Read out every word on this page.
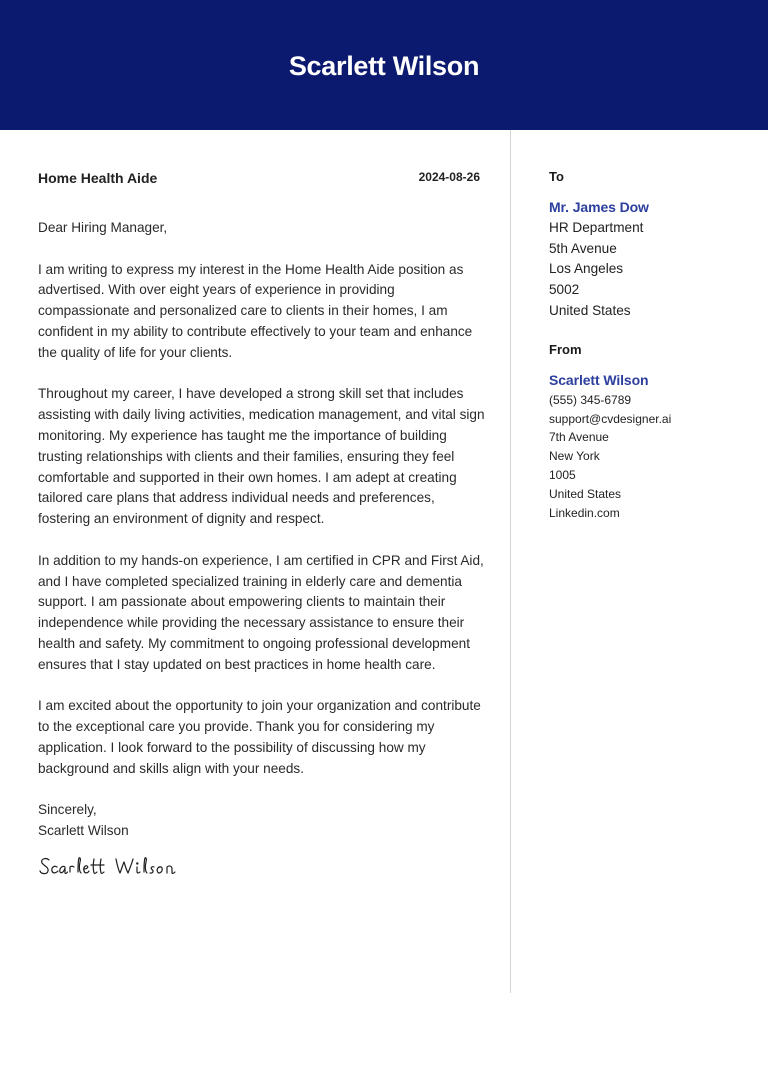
Scarlett Wilson
Home Health Aide	2024-08-26

Dear Hiring Manager,

I am writing to express my interest in the Home Health Aide position as advertised. With over eight years of experience in providing compassionate and personalized care to clients in their homes, I am confident in my ability to contribute effectively to your team and enhance the quality of life for your clients.

Throughout my career, I have developed a strong skill set that includes assisting with daily living activities, medication management, and vital sign monitoring. My experience has taught me the importance of building trusting relationships with clients and their families, ensuring they feel comfortable and supported in their own homes. I am adept at creating tailored care plans that address individual needs and preferences, fostering an environment of dignity and respect.

In addition to my hands-on experience, I am certified in CPR and First Aid, and I have completed specialized training in elderly care and dementia support. I am passionate about empowering clients to maintain their independence while providing the necessary assistance to ensure their health and safety. My commitment to ongoing professional development ensures that I stay updated on best practices in home health care.

I am excited about the opportunity to join your organization and contribute to the exceptional care you provide. Thank you for considering my application. I look forward to the possibility of discussing how my background and skills align with your needs.

Sincerely,
Scarlett Wilson
To
Mr. James Dow
HR Department
5th Avenue
Los Angeles
5002
United States
From
Scarlett Wilson
(555) 345-6789
support@cvdesigner.ai
7th Avenue
New York
1005
United States
Linkedin.com
